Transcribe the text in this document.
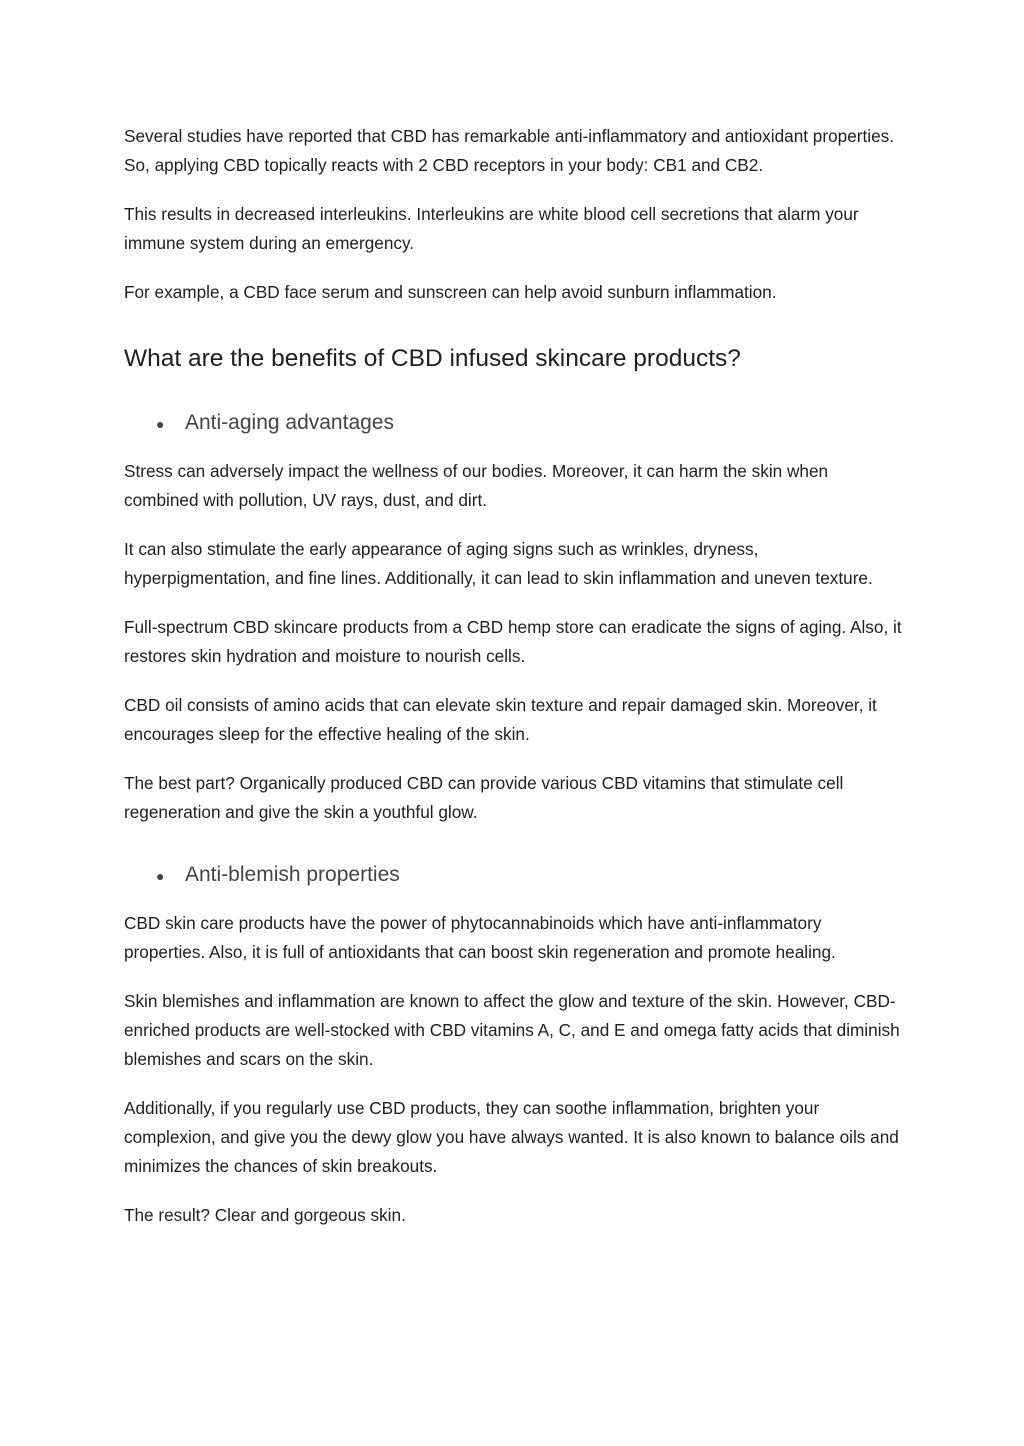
Several studies have reported that CBD has remarkable anti-inflammatory and antioxidant properties. So, applying CBD topically reacts with 2 CBD receptors in your body: CB1 and CB2.

This results in decreased interleukins. Interleukins are white blood cell secretions that alarm your immune system during an emergency.

For example, a CBD face serum and sunscreen can help avoid sunburn inflammation.

What are the benefits of CBD infused skincare products?
● Anti-aging advantages

Stress can adversely impact the wellness of our bodies. Moreover, it can harm the skin when combined with pollution, UV rays, dust, and dirt.

It can also stimulate the early appearance of aging signs such as wrinkles, dryness, hyperpigmentation, and fine lines. Additionally, it can lead to skin inflammation and uneven texture.

Full-spectrum CBD skincare products from a CBD hemp store can eradicate the signs of aging. Also, it restores skin hydration and moisture to nourish cells.

CBD oil consists of amino acids that can elevate skin texture and repair damaged skin. Moreover, it encourages sleep for the effective healing of the skin.

The best part? Organically produced CBD can provide various CBD vitamins that stimulate cell regeneration and give the skin a youthful glow.

● Anti-blemish properties

CBD skin care products have the power of phytocannabinoids which have anti-inflammatory properties. Also, it is full of antioxidants that can boost skin regeneration and promote healing.

Skin blemishes and inflammation are known to affect the glow and texture of the skin. However, CBD-enriched products are well-stocked with CBD vitamins A, C, and E and omega fatty acids that diminish blemishes and scars on the skin.

Additionally, if you regularly use CBD products, they can soothe inflammation, brighten your complexion, and give you the dewy glow you have always wanted. It is also known to balance oils and minimizes the chances of skin breakouts.

The result? Clear and gorgeous skin.
